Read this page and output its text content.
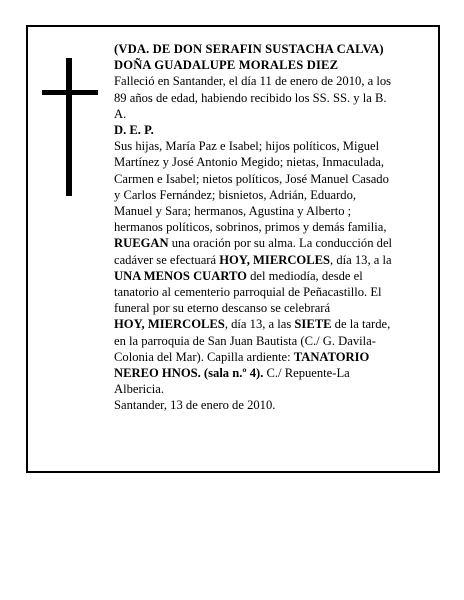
(VDA. DE DON SERAFIN SUSTACHA CALVA)
DOÑA GUADALUPE MORALES DIEZ
Falleció en Santander, el día 11 de enero de 2010, a los
89 años de edad, habiendo recibido los SS. SS. y la B.
A.
D. E. P.
Sus hijas, María Paz e Isabel; hijos políticos, Miguel
Martínez y José Antonio Megido; nietas, Inmaculada,
Carmen e Isabel; nietos políticos, José Manuel Casado
y Carlos Fernández; bisnietos, Adrián, Eduardo,
Manuel y Sara; hermanos, Agustina y Alberto ;
hermanos políticos, sobrinos, primos y demás familia,
RUEGAN una oración por su alma. La conducción del
cadáver se efectuará HOY, MIERCOLES, día 13, a la
UNA MENOS CUARTO del mediodía, desde el
tanatorio al cementerio parroquial de Peñacastillo. El
funeral por su eterno descanso se celebrará
HOY, MIERCOLES, día 13, a las SIETE de la tarde,
en la parroquia de San Juan Bautista (C./ G. Davila-
Colonia del Mar). Capilla ardiente: TANATORIO
NEREO HNOS. (sala n.º 4). C./ Repuente-La
Albericia.
Santander, 13 de enero de 2010.
